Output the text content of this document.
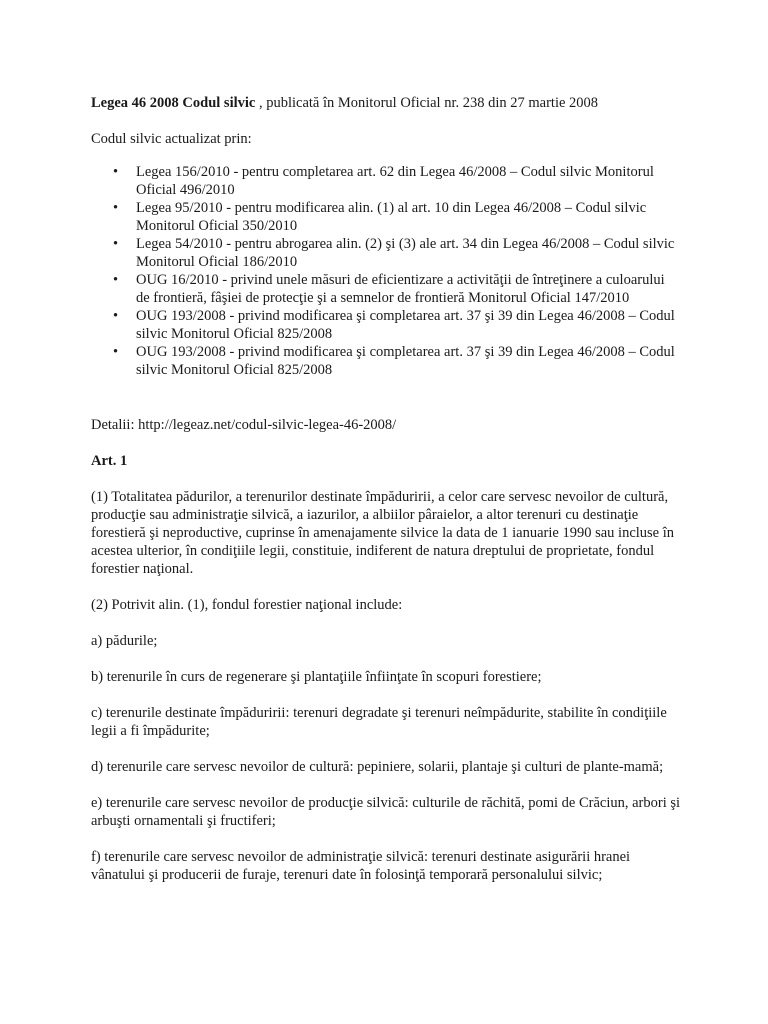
Legea 46 2008 Codul silvic , publicată în Monitorul Oficial nr. 238 din 27 martie 2008

Codul silvic actualizat prin:

• Legea 156/2010 - pentru completarea art. 62 din Legea 46/2008 – Codul silvic Monitorul Oficial 496/2010
• Legea 95/2010 - pentru modificarea alin. (1) al art. 10 din Legea 46/2008 – Codul silvic Monitorul Oficial 350/2010
• Legea 54/2010 - pentru abrogarea alin. (2) şi (3) ale art. 34 din Legea 46/2008 – Codul silvic Monitorul Oficial 186/2010
• OUG 16/2010 - privind unele măsuri de eficientizare a activităţii de întreţinere a culoarului de frontieră, fâşiei de protecţie şi a semnelor de frontieră Monitorul Oficial 147/2010
• OUG 193/2008 - privind modificarea şi completarea art. 37 şi 39 din Legea 46/2008 – Codul silvic Monitorul Oficial 825/2008
• OUG 193/2008 - privind modificarea şi completarea art. 37 şi 39 din Legea 46/2008 – Codul silvic Monitorul Oficial 825/2008

Detalii: http://legeaz.net/codul-silvic-legea-46-2008/

Art. 1

(1) Totalitatea pădurilor, a terenurilor destinate împăduririi, a celor care servesc nevoilor de cultură, producţie sau administraţie silvică, a iazurilor, a albiilor pâraielor, a altor terenuri cu destinaţie forestieră şi neproductive, cuprinse în amenajamente silvice la data de 1 ianuarie 1990 sau incluse în acestea ulterior, în condiţiile legii, constituie, indiferent de natura dreptului de proprietate, fondul forestier naţional.

(2) Potrivit alin. (1), fondul forestier naţional include:

a) pădurile;

b) terenurile în curs de regenerare şi plantaţiile înfiinţate în scopuri forestiere;

c) terenurile destinate împăduririi: terenuri degradate şi terenuri neîmpădurite, stabilite în condiţiile legii a fi împădurite;

d) terenurile care servesc nevoilor de cultură: pepiniere, solarii, plantaje şi culturi de plante-mamă;

e) terenurile care servesc nevoilor de producţie silvică: culturile de răchită, pomi de Crăciun, arbori şi arbuşti ornamentali şi fructiferi;

f) terenurile care servesc nevoilor de administraţie silvică: terenuri destinate asigurării hranei vânatului şi producerii de furaje, terenuri date în folosinţă temporară personalului silvic;
